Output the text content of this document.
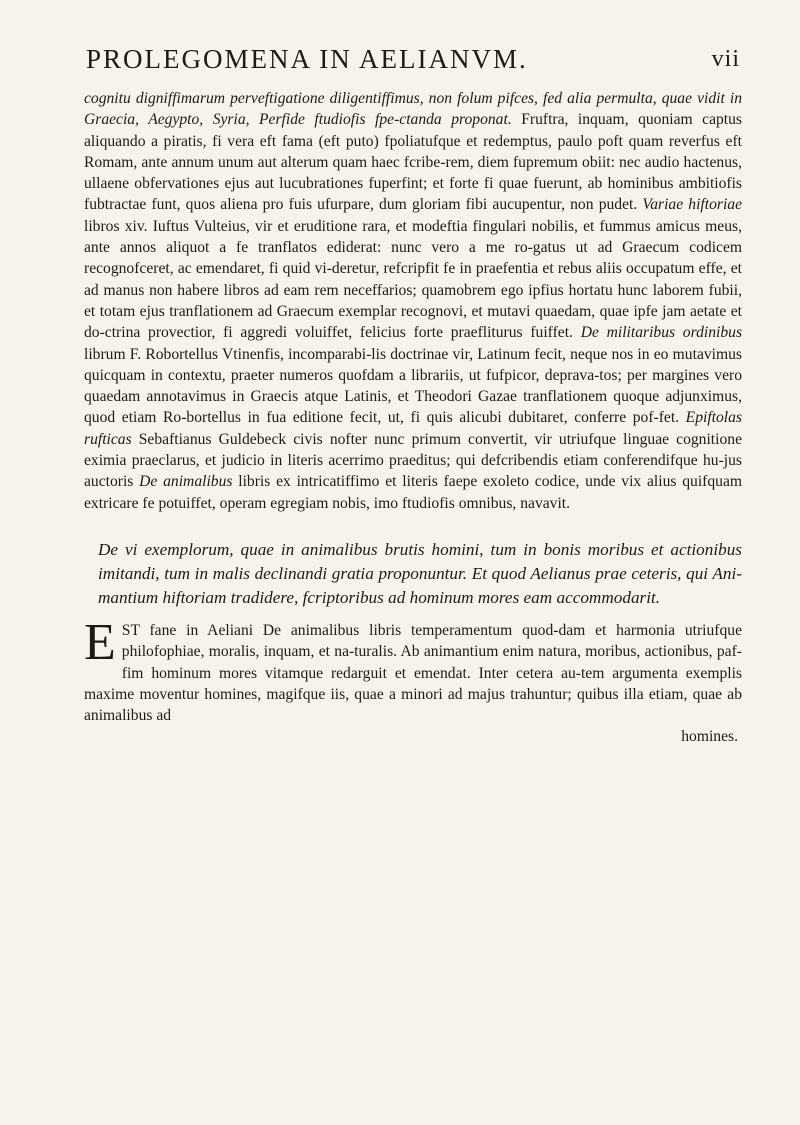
PROLEGOMENA IN AELIANVM.	vii

cognitu digniffimarum perveftigatione diligentiffimus, non folum pifces, fed alia permulta, quae vidit in Graecia, Aegypto, Syria, Perfide ftudiofis fpe-ctanda proponat. Fruftra, inquam, quoniam captus aliquando a piratis, fi vera eft fama (eft puto) fpoliatufque et redemptus, paulo poft quam reverfus eft Romam, ante annum unum aut alterum quam haec fcribe-rem, diem fupremum obiit: nec audio hactenus, ullaene obfervationes ejus aut lucubrationes fuperfint; et forte fi quae fuerunt, ab hominibus ambitiofis fubtractae funt, quos aliena pro fuis ufurpare, dum gloriam fibi aucupentur, non pudet. Variae hiftoriae libros xiv. Iuftus Vulteius, vir et eruditione rara, et modeftia fingulari nobilis, et fummus amicus meus, ante annos aliquot a fe tranflatos ediderat: nunc vero a me ro-gatus ut ad Graecum codicem recognofceret, ac emendaret, fi quid vi-deretur, refcripfit fe in praefentia et rebus aliis occupatum effe, et ad manus non habere libros ad eam rem neceffarios; quamobrem ego ipfius hortatu hunc laborem fubii, et totam ejus tranflationem ad Graecum exemplar recognovi, et mutavi quaedam, quae ipfe jam aetate et do-ctrina provectior, fi aggredi voluiffet, felicius forte praefliturus fuiffet. De militaribus ordinibus librum F. Robortellus Vtinenfis, incomparabi-lis doctrinae vir, Latinum fecit, neque nos in eo mutavimus quicquam in contextu, praeter numeros quofdam a librariis, ut fufpicor, deprava-tos; per margines vero quaedam annotavimus in Graecis atque Latinis, et Theodori Gazae tranflationem quoque adjunximus, quod etiam Ro-bortellus in fua editione fecit, ut, fi quis alicubi dubitaret, conferre pof-fet. Epiftolas rufticas Sebaftianus Guldebeck civis nofter nunc primum convertit, vir utriufque linguae cognitione eximia praeclarus, et judicio in literis acerrimo praeditus; qui defcribendis etiam conferendifque hu-jus auctoris De animalibus libris ex intricatiffimo et literis faepe exoleto codice, unde vix alius quifquam extricare fe potuiffet, operam egregiam nobis, imo ftudiofis omnibus, navavit.

De vi exemplorum, quae in animalibus brutis homini, tum in bonis moribus et actionibus imitandi, tum in malis declinandi gratia proponuntur. Et quod Aelianus prae ceteris, qui Ani-mantium hiftoriam tradidere, fcriptoribus ad hominum mores eam accommodarit.

EST fane in Aeliani De animalibus libris temperamentum quod-dam et harmonia utriufque philofophiae, moralis, inquam, et na-turalis. Ab animantium enim natura, moribus, actionibus, paf-fim hominum mores vitamque redarguit et emendat. Inter cetera au-tem argumenta exemplis maxime moventur homines, magifque iis, quae a minori ad majus trahuntur; quibus illa etiam, quae ab animalibus ad

homines.
